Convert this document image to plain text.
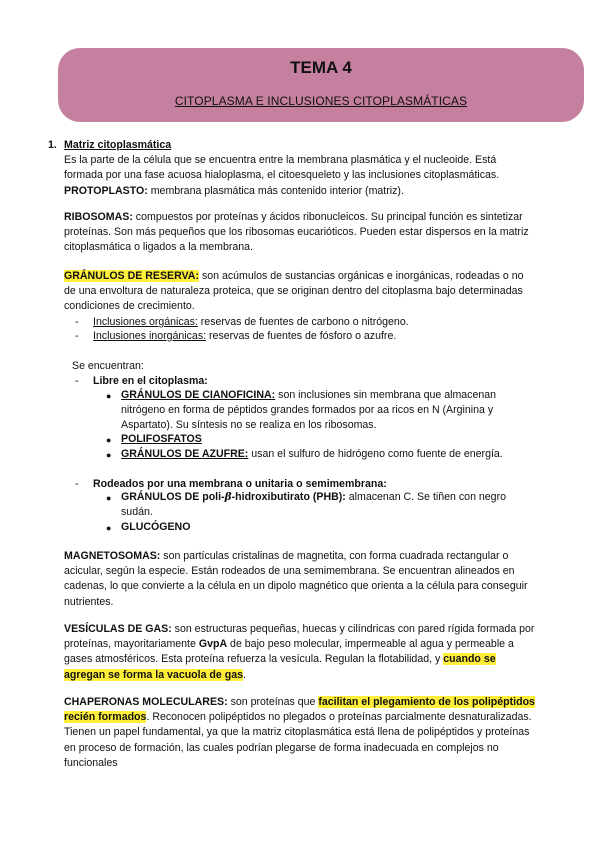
TEMA 4
CITOPLASMA E INCLUSIONES CITOPLASMÁTICAS
1. Matriz citoplasmática
Es la parte de la célula que se encuentra entre la membrana plasmática y el nucleoide. Está
formada por una fase acuosa hialoplasma, el citoesqueleto y las inclusiones citoplasmáticas.
PROTOPLASTO: membrana plasmática más contenido interior (matriz).
RIBOSOMAS: compuestos por proteínas y ácidos ribonucleicos. Su principal función es sintetizar
proteínas. Son más pequeños que los ribosomas eucarióticos. Pueden estar dispersos en la matriz
citoplasmática o ligados a la membrana.
GRÁNULOS DE RESERVA: son acúmulos de sustancias orgánicas e inorgánicas, rodeadas o no
de una envoltura de naturaleza proteica, que se originan dentro del citoplasma bajo determinadas
condiciones de crecimiento.
- Inclusiones orgánicas: reservas de fuentes de carbono o nitrógeno.
- Inclusiones inorgánicas: reservas de fuentes de fósforo o azufre.
Se encuentran:
- Libre en el citoplasma:
● GRÁNULOS DE CIANOFICINA: son inclusiones sin membrana que almacenan
nitrógeno en forma de péptidos grandes formados por aa ricos en N (Arginina y
Aspartato). Su síntesis no se realiza en los ribosomas.
● POLIFOSFATOS
● GRÁNULOS DE AZUFRE: usan el sulfuro de hidrógeno como fuente de energía.
- Rodeados por una membrana o unitaria o semimembrana:
● GRÁNULOS DE poli-β-hidroxibutirato (PHB): almacenan C. Se tiñen con negro
sudán.
● GLUCÓGENO
MAGNETOSOMAS: son partículas cristalinas de magnetita, con forma cuadrada rectangular o
acicular, según la especie. Están rodeados de una semimembrana. Se encuentran alineados en
cadenas, lo que convierte a la célula en un dipolo magnético que orienta a la célula para conseguir
nutrientes.
VESÍCULAS DE GAS: son estructuras pequeñas, huecas y cilíndricas con pared rígida formada por
proteínas, mayoritariamente GvpA de bajo peso molecular, impermeable al agua y permeable a
gases atmosféricos. Esta proteína refuerza la vesícula. Regulan la flotabilidad, y cuando se
agregan se forma la vacuola de gas.
CHAPERONAS MOLECULARES: son proteínas que facilitan el plegamiento de los polipéptidos
recién formados. Reconocen polipéptidos no plegados o proteínas parcialmente desnaturalizadas.
Tienen un papel fundamental, ya que la matriz citoplasmática está llena de polipéptidos y proteínas
en proceso de formación, las cuales podrían plegarse de forma inadecuada en complejos no
funcionales
